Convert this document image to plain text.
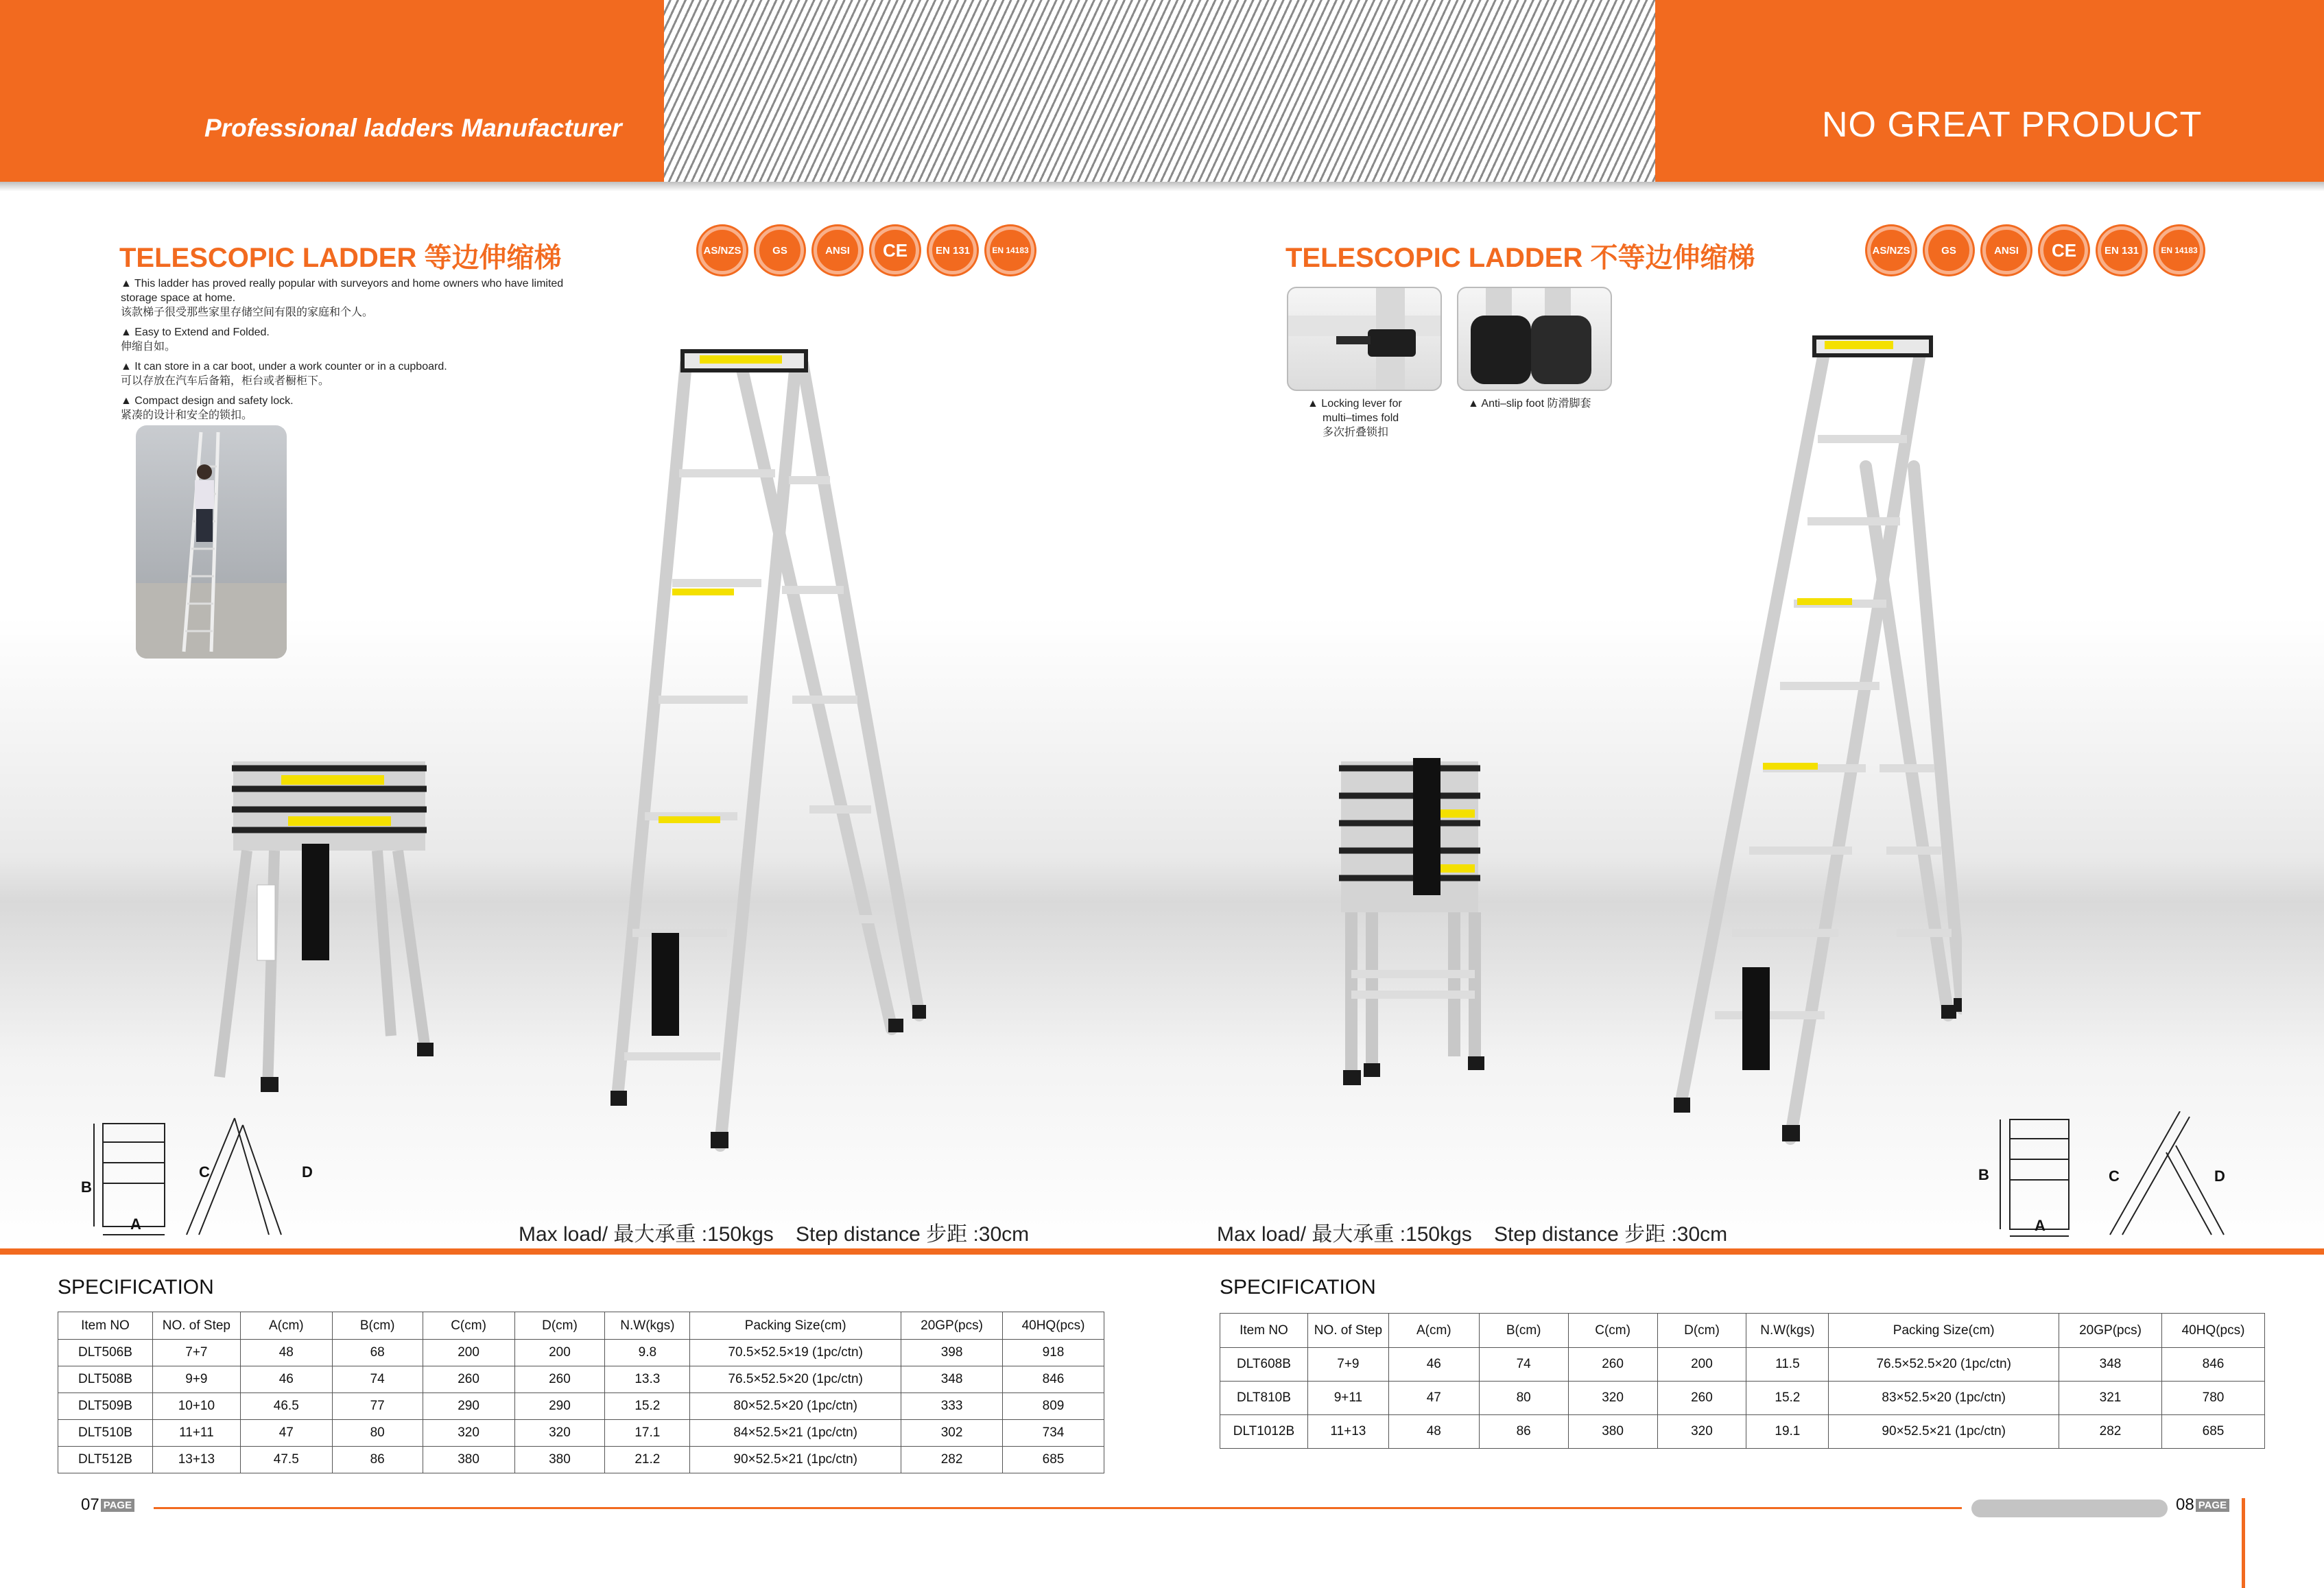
Professional ladders Manufacturer	NO GREAT PRODUCT
TELESCOPIC LADDER 等边伸缩梯	AS/NZS	GS	ANSI	CE	EN 131	EN 14183

▲ This ladder has proved really popular with surveyors and home owners who have limited storage space at home.
该款梯子很受那些家里存储空间有限的家庭和个人。

▲ Easy to Extend and Folded.
伸缩自如。

▲ It can store in a car boot, under a work counter or in a cupboard.
可以存放在汽车后备箱，柜台或者橱柜下。

▲ Compact design and safety lock.
紧凑的设计和安全的锁扣。

B
A
C	D
Max load/ 最大承重 :150kgs Step distance 步距 :30cm
SPECIFICATION
Item NO	NO. of Step	A(cm)	B(cm)	C(cm)	D(cm)	N.W(kgs)	Packing Size(cm)	20GP(pcs)	40HQ(pcs)
DLT506B	7+7	48	68	200	200	9.8	70.5×52.5×19 (1pc/ctn)	398	918
DLT508B	9+9	46	74	260	260	13.3	76.5×52.5×20 (1pc/ctn)	348	846
DLT509B	10+10	46.5	77	290	290	15.2	80×52.5×20 (1pc/ctn)	333	809
DLT510B	11+11	47	80	320	320	17.1	84×52.5×21 (1pc/ctn)	302	734
DLT512B	13+13	47.5	86	380	380	21.2	90×52.5×21 (1pc/ctn)	282	685
TELESCOPIC LADDER 不等边伸缩梯	AS/NZS	GS	ANSI	CE	EN 131	EN 14183
▲ Locking lever for
multi–times fold
多次折叠锁扣
▲ Anti–slip foot 防滑脚套
B
A
C	D
Max load/ 最大承重 :150kgs Step distance 步距 :30cm
SPECIFICATION
Item NO	NO. of Step	A(cm)	B(cm)	C(cm)	D(cm)	N.W(kgs)	Packing Size(cm)	20GP(pcs)	40HQ(pcs)
DLT608B	7+9	46	74	260	200	11.5	76.5×52.5×20 (1pc/ctn)	348	846
DLT810B	9+11	47	80	320	260	15.2	83×52.5×20 (1pc/ctn)	321	780
DLT1012B	11+13	48	86	380	320	19.1	90×52.5×21 (1pc/ctn)	282	685
07 PAGE	08 PAGE
